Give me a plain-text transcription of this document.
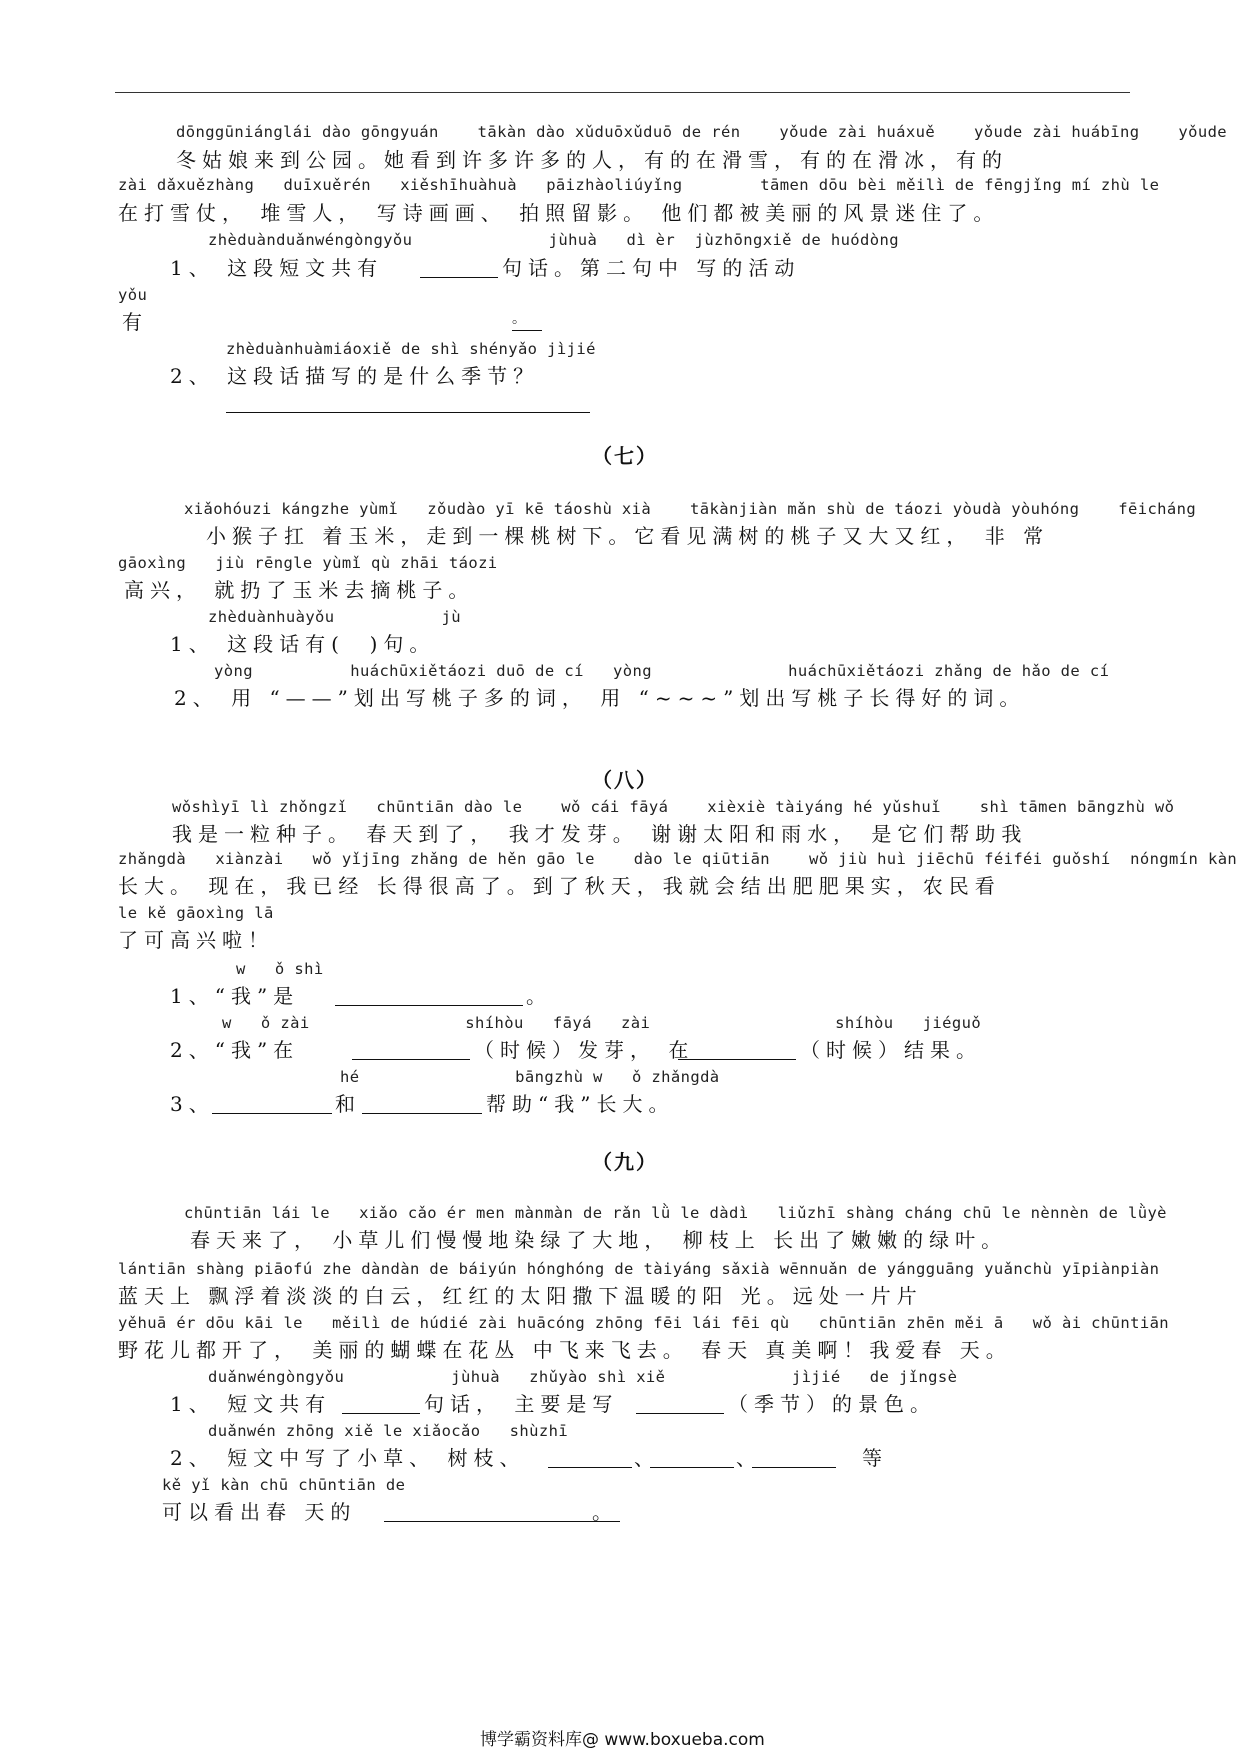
dōnggūniánglái dào gōngyuán    tākàn dào xǔduōxǔduō de rén    yǒude zài huáxuě    yǒude zài huábīng    yǒude
冬姑娘来到公园。她看到许多许多的人，有的在滑雪，有的在滑冰，有的
zài dǎxuězhàng   duīxuěrén   xiěshīhuàhuà   pāizhàoliúyǐng        tāmen dōu bèi měilì de fēngjǐng mí zhù le
在打雪仗， 堆雪人， 写诗画画、 拍照留影。 他们都被美丽的风景迷住了。
zhèduànduǎnwéngòngyǒu              jùhuà   dì èr  jùzhōngxiě de huódòng
1、 这段短文共有	句话。第二句中 写的活动
yǒu
有	。
zhèduànhuàmiáoxiě de shì shényǎo jìjié
2、 这段话描写的是什么季节？
（七）
xiǎohóuzi kángzhe yùmǐ   zǒudào yī kē táoshù xià    tākànjiàn mǎn shù de táozi yòudà yòuhóng    fēicháng
小猴子扛 着玉米，走到一棵桃树下。它看见满树的桃子又大又红， 非 常
gāoxìng   jiù rēngle yùmǐ qù zhāi táozi
高兴， 就扔了玉米去摘桃子。
zhèduànhuàyǒu           jù
1、 这段话有(  )句。
yòng          huáchūxiětáozi duō de cí   yòng              huáchūxiětáozi zhǎng de hǎo de cí
2、 用 “——”划出写桃子多的词， 用 “~~~”划出写桃子长得好的词。
（八）
wǒshìyī lì zhǒngzǐ   chūntiān dào le    wǒ cái fāyá    xièxiè tàiyáng hé yǔshuǐ    shì tāmen bāngzhù wǒ
我是一粒种子。 春天到了， 我才发芽。 谢谢太阳和雨水， 是它们帮助我
zhǎngdà   xiànzài   wǒ yǐjīng zhǎng de hěn gāo le    dào le qiūtiān    wǒ jiù huì jiēchū féiféi guǒshí  nóngmín kàn
长大。 现在，我已经 长得很高了。到了秋天，我就会结出肥肥果实，农民看
le kě gāoxìng lā
了可高兴啦！
w   ǒ shì
1、“我”是	。
w   ǒ zài                shíhòu   fāyá   zài                   shíhòu   jiéguǒ
2、“我”在	（时候）发芽， 在	（时候）结果。
hé                bāngzhù w   ǒ zhǎngdà
3、	和	帮助“我”长大。
（九）
chūntiān lái le   xiǎo cǎo ér men mànmàn de rǎn lǜ le dàdì   liǔzhī shàng cháng chū le nènnèn de lǜyè
春天来了， 小草儿们慢慢地染绿了大地， 柳枝上 长出了嫩嫩的绿叶。
lántiān shàng piāofú zhe dàndàn de báiyún hónghóng de tàiyáng sǎxià wēnnuǎn de yángguāng yuǎnchù yīpiànpiàn
蓝天上 飘浮着淡淡的白云，红红的太阳撒下温暖的阳 光。远处一片片
yěhuā ér dōu kāi le   měilì de húdié zài huācóng zhōng fēi lái fēi qù   chūntiān zhēn měi ā   wǒ ài chūntiān
野花儿都开了， 美丽的蝴蝶在花丛 中飞来飞去。 春天 真美啊！我爱春 天。
duǎnwéngòngyǒu           jùhuà   zhǔyào shì xiě             jìjié   de jǐngsè
1、 短文共有	句话， 主要是写	（季节）的景色。
duǎnwén zhōng xiě le xiǎocǎo   shùzhī
2、 短文中写了小草、 树枝、	、	、	等
kě yǐ kàn chū chūntiān de
可以看出春 天的	。
博学霸资料库@ www.boxueba.com
